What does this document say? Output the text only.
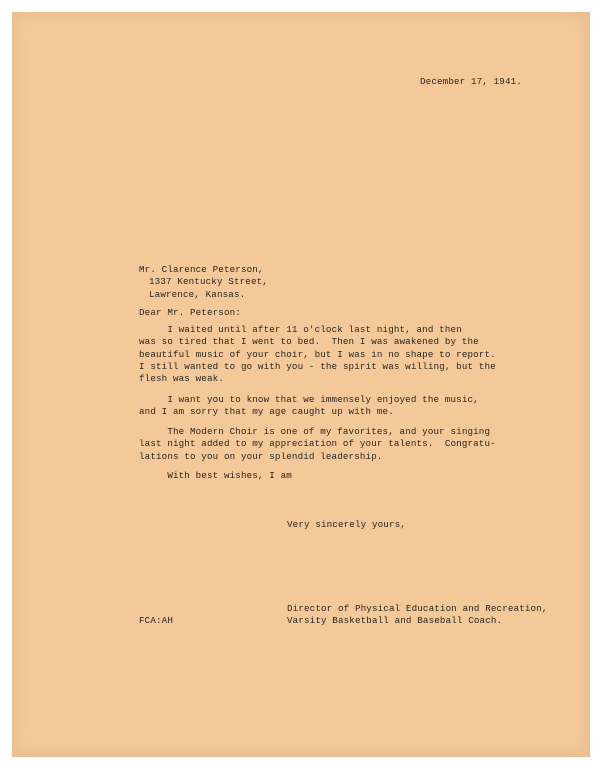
December 17, 1941.
Mr. Clarence Peterson,
1337 Kentucky Street,
Lawrence, Kansas.
Dear Mr. Peterson:
I waited until after 11 o'clock last night, and then
was so tired that I went to bed.  Then I was awakened by the
beautiful music of your choir, but I was in no shape to report.
I still wanted to go with you - the spirit was willing, but the
flesh was weak.
I want you to know that we immensely enjoyed the music,
and I am sorry that my age caught up with me.
The Modern Choir is one of my favorites, and your singing
last night added to my appreciation of your talents.  Congratu-
lations to you on your splendid leadership.
With best wishes, I am
Very sincerely yours,
FCA:AH
Director of Physical Education and Recreation,
Varsity Basketball and Baseball Coach.
